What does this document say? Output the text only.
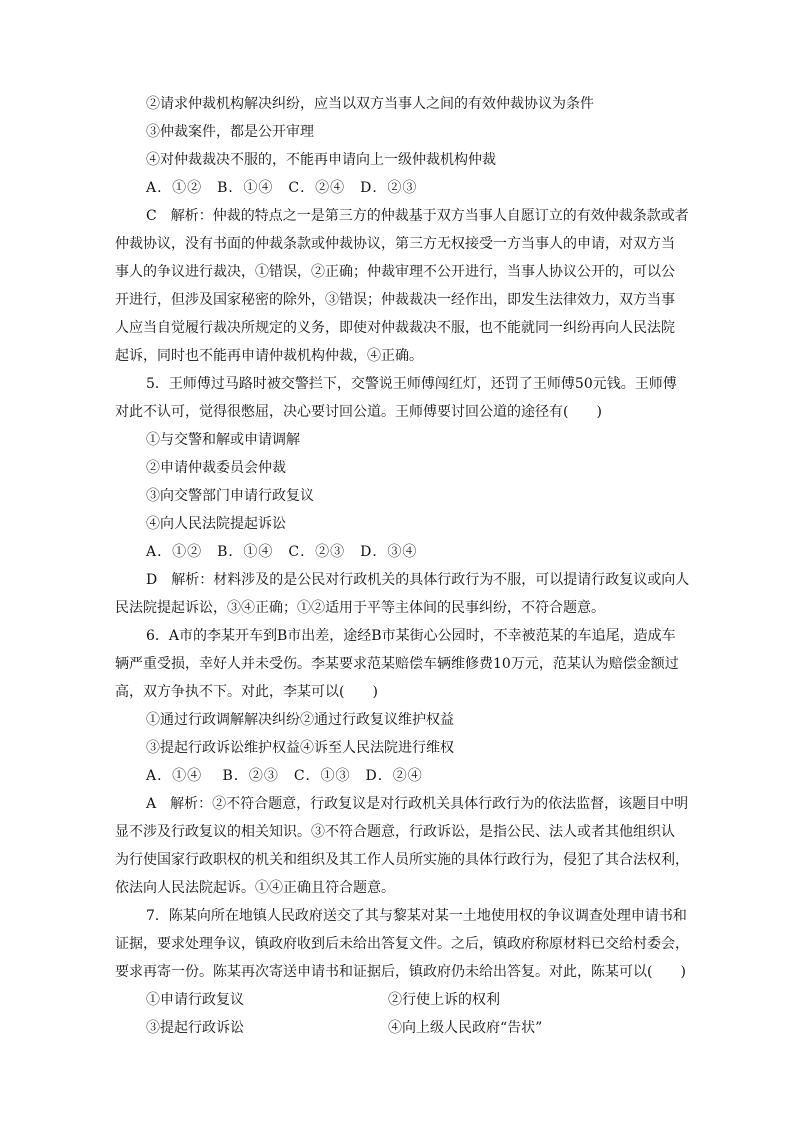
②请求仲裁机构解决纠纷，应当以双方当事人之间的有效仲裁协议为条件
③仲裁案件，都是公开审理
④对仲裁裁决不服的，不能再申请向上一级仲裁机构仲裁
A．①②　B．①④　C．②④　D．②③
C　解析：仲裁的特点之一是第三方的仲裁基于双方当事人自愿订立的有效仲裁条款或者
仲裁协议，没有书面的仲裁条款或仲裁协议，第三方无权接受一方当事人的申请，对双方当
事人的争议进行裁决，①错误，②正确；仲裁审理不公开进行，当事人协议公开的，可以公
开进行，但涉及国家秘密的除外，③错误；仲裁裁决一经作出，即发生法律效力，双方当事
人应当自觉履行裁决所规定的义务，即使对仲裁裁决不服，也不能就同一纠纷再向人民法院
起诉，同时也不能再申请仲裁机构仲裁，④正确。
5．王师傅过马路时被交警拦下，交警说王师傅闯红灯，还罚了王师傅50元钱。王师傅
对此不认可，觉得很憋屈，决心要讨回公道。王师傅要讨回公道的途径有(　　)
①与交警和解或申请调解
②申请仲裁委员会仲裁
③向交警部门申请行政复议
④向人民法院提起诉讼
A．①②　B．①④　C．②③　D．③④
D　解析：材料涉及的是公民对行政机关的具体行政行为不服，可以提请行政复议或向人
民法院提起诉讼，③④正确；①②适用于平等主体间的民事纠纷，不符合题意。
6．A市的李某开车到B市出差，途经B市某街心公园时，不幸被范某的车追尾，造成车
辆严重受损，幸好人并未受伤。李某要求范某赔偿车辆维修费10万元，范某认为赔偿金额过
高，双方争执不下。对此，李某可以(　　)
①通过行政调解解决纠纷②通过行政复议维护权益
③提起行政诉讼维护权益④诉至人民法院进行维权
A．①④　 B．②③　C．①③　D．②④
A　解析：②不符合题意，行政复议是对行政机关具体行政行为的依法监督，该题目中明
显不涉及行政复议的相关知识。③不符合题意，行政诉讼，是指公民、法人或者其他组织认
为行使国家行政职权的机关和组织及其工作人员所实施的具体行政行为，侵犯了其合法权利，
依法向人民法院起诉。①④正确且符合题意。
7．陈某向所在地镇人民政府送交了其与黎某对某一土地使用权的争议调查处理申请书和
证据，要求处理争议，镇政府收到后未给出答复文件。之后，镇政府称原材料已交给村委会，
要求再寄一份。陈某再次寄送申请书和证据后，镇政府仍未给出答复。对此，陈某可以(　　)
①申请行政复议	②行使上诉的权利
③提起行政诉讼	④向上级人民政府“告状”
